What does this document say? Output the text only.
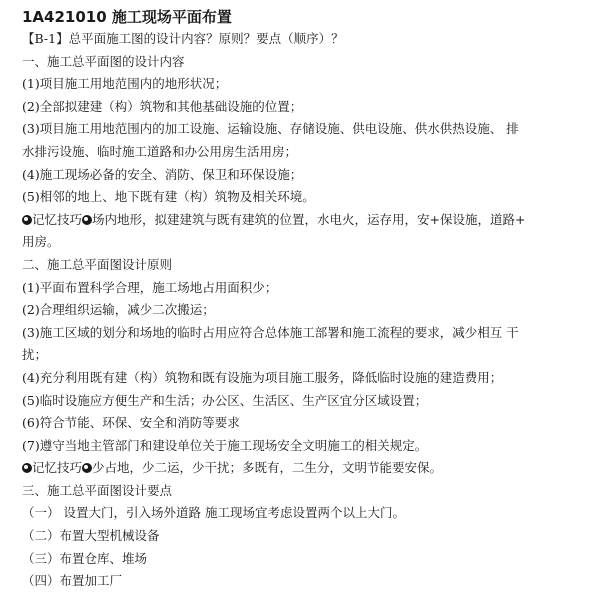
1A421010 施工现场平面布置
【B-1】总平面施工图的设计内容？原则？要点（顺序）？
一、施工总平面图的设计内容
(1)项目施工用地范围内的地形状况；
(2)全部拟建建（构）筑物和其他基础设施的位置；
(3)项目施工用地范围内的加工设施、运输设施、存储设施、供电设施、供水供热设施、 排
水排污设施、临时施工道路和办公用房生活用房；
(4)施工现场必备的安全、消防、保卫和环保设施；
(5)相邻的地上、地下既有建（构）筑物及相关环境。
记忆技巧 场内地形，拟建建筑与既有建筑的位置，水电火，运存用，安+保设施，道路+
用房。
二、施工总平面图设计原则
(1)平面布置科学合理，施工场地占用面积少；
(2)合理组织运输，减少二次搬运；
(3)施工区域的划分和场地的临时占用应符合总体施工部署和施工流程的要求，减少相互 干
扰；
(4)充分利用既有建（构）筑物和既有设施为项目施工服务，降低临时设施的建造费用；
(5)临时设施应方便生产和生活；办公区、生活区、生产区宜分区域设置；
(6)符合节能、环保、安全和消防等要求
(7)遵守当地主管部门和建设单位关于施工现场安全文明施工的相关规定。
记忆技巧 少占地，少二运，少干扰；多既有，二生分，文明节能要安保。
三、施工总平面图设计要点
（一） 设置大门，引入场外道路 施工现场宜考虑设置两个以上大门。
（二）布置大型机械设备
（三）布置仓库、堆场
（四）布置加工厂
